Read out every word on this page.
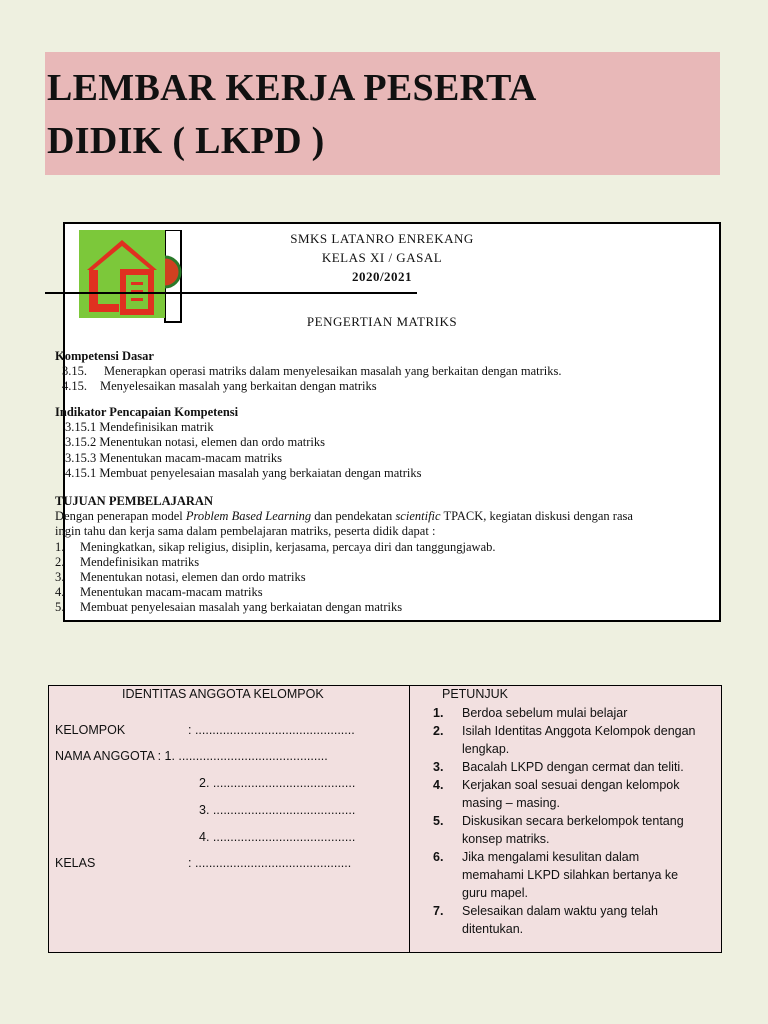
LEMBAR KERJA PESERTA
DIDIK ( LKPD )
SMKS LATANRO ENREKANG
KELAS XI / GASAL
2020/2021
PENGERTIAN MATRIKS
Kompetensi Dasar
3.15. Menerapkan operasi matriks dalam menyelesaikan masalah yang berkaitan dengan matriks.
4.15. Menyelesaikan masalah yang berkaitan dengan matriks
Indikator Pencapaian Kompetensi
3.15.1 Mendefinisikan matrik
3.15.2 Menentukan notasi, elemen dan ordo matriks
3.15.3 Menentukan macam-macam matriks
4.15.1 Membuat penyelesaian masalah yang berkaiatan dengan matriks
TUJUAN PEMBELAJARAN
Dengan penerapan model Problem Based Learning dan pendekatan scientific TPACK, kegiatan diskusi dengan rasa
ingin tahu dan kerja sama dalam pembelajaran matriks, peserta didik dapat :
1. Meningkatkan, sikap religius, disiplin, kerjasama, percaya diri dan tanggungjawab.
2. Mendefinisikan matriks
3. Menentukan notasi, elemen dan ordo matriks
4. Menentukan macam-macam matriks
5. Membuat penyelesaian masalah yang berkaiatan dengan matriks
IDENTITAS ANGGOTA KELOMPOK
KELOMPOK	: ..............................................
NAMA ANGGOTA : 1. ...........................................
2. .........................................
3. .........................................
4. .........................................
KELAS	: .............................................
PETUNJUK
1.	Berdoa sebelum mulai belajar
2.	Isilah Identitas Anggota Kelompok dengan lengkap.
3.	Bacalah LKPD dengan cermat dan teliti.
4.	Kerjakan soal sesuai dengan kelompok masing – masing.
5.	Diskusikan secara berkelompok tentang konsep matriks.
6.	Jika mengalami kesulitan dalam memahami LKPD silahkan bertanya ke guru mapel.
7.	Selesaikan dalam waktu yang telah ditentukan.
